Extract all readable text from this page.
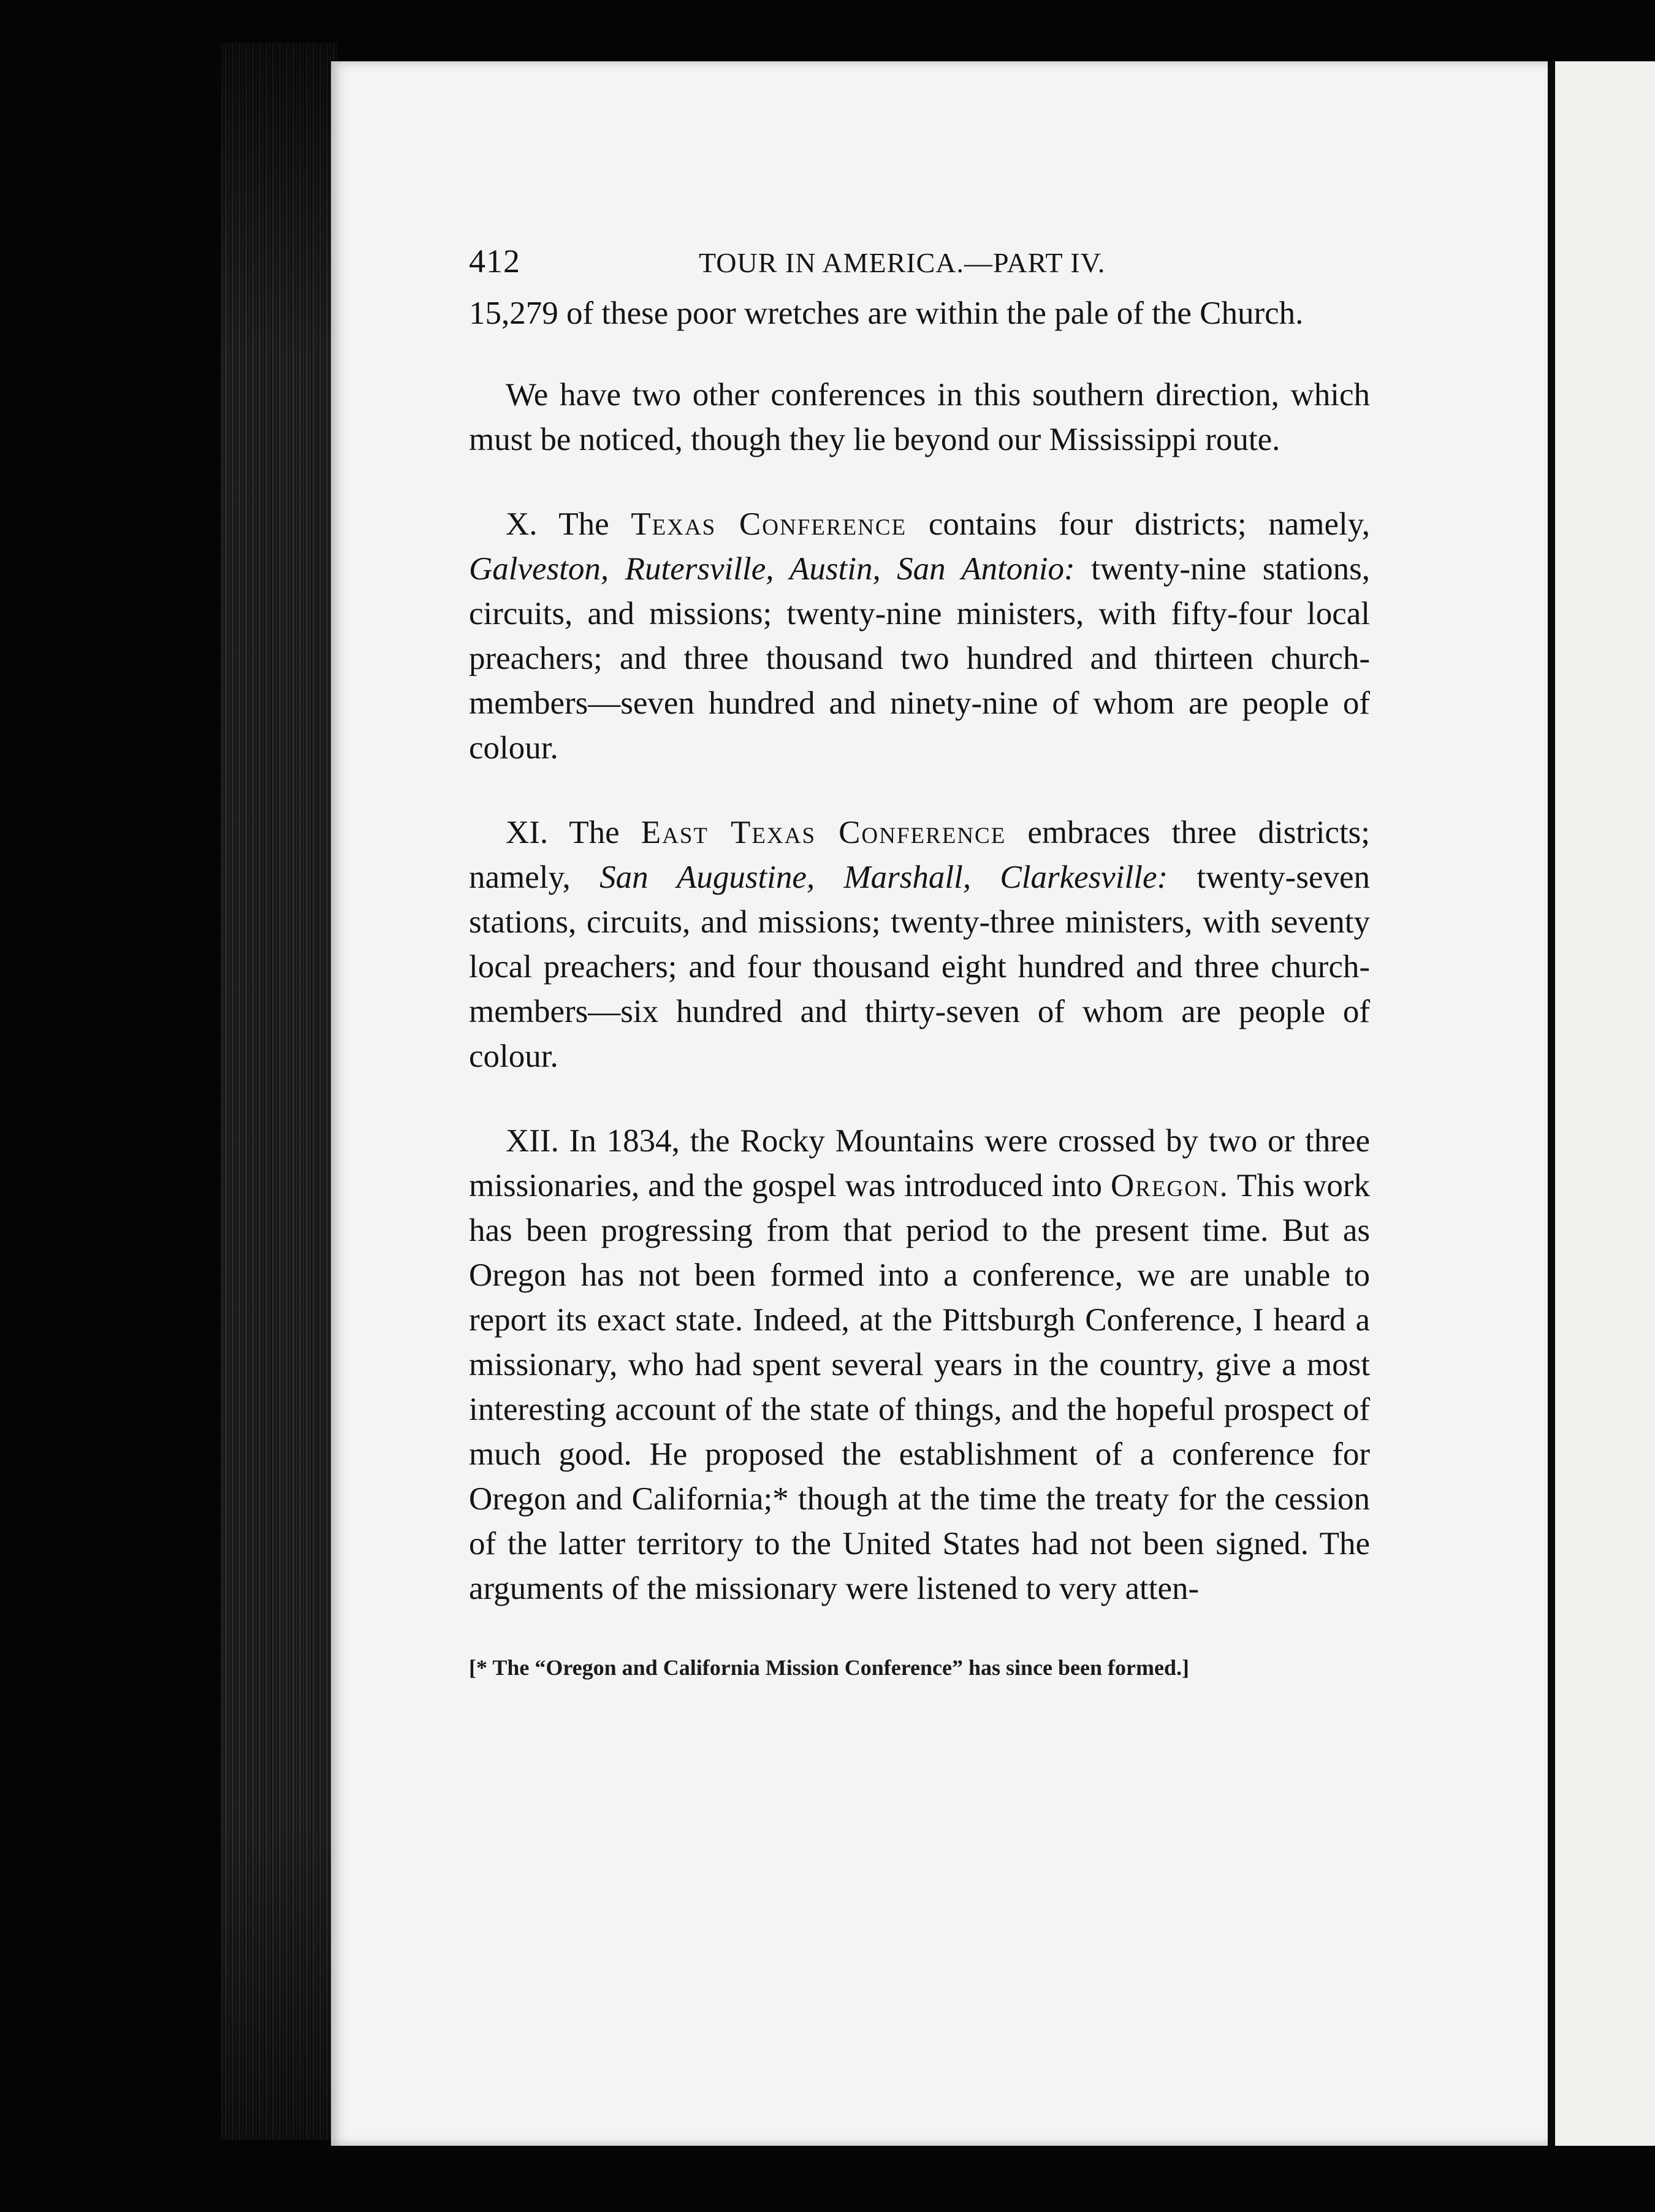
412	TOUR IN AMERICA.—PART IV.

15,279 of these poor wretches are within the pale of the Church.

We have two other conferences in this southern direction, which must be noticed, though they lie beyond our Mississippi route.

X. The Texas Conference contains four districts; namely, Galveston, Rutersville, Austin, San Antonio: twenty-nine stations, circuits, and missions; twenty-nine ministers, with fifty-four local preachers; and three thousand two hundred and thirteen church-members—seven hundred and ninety-nine of whom are people of colour.

XI. The East Texas Conference embraces three districts; namely, San Augustine, Marshall, Clarkesville: twenty-seven stations, circuits, and missions; twenty-three ministers, with seventy local preachers; and four thousand eight hundred and three church-members—six hundred and thirty-seven of whom are people of colour.

XII. In 1834, the Rocky Mountains were crossed by two or three missionaries, and the gospel was introduced into Oregon. This work has been progressing from that period to the present time. But as Oregon has not been formed into a conference, we are unable to report its exact state. Indeed, at the Pittsburgh Conference, I heard a missionary, who had spent several years in the country, give a most interesting account of the state of things, and the hopeful prospect of much good. He proposed the establishment of a conference for Oregon and California;* though at the time the treaty for the cession of the latter territory to the United States had not been signed. The arguments of the missionary were listened to very atten-

[* The “Oregon and California Mission Conference” has since been formed.]
